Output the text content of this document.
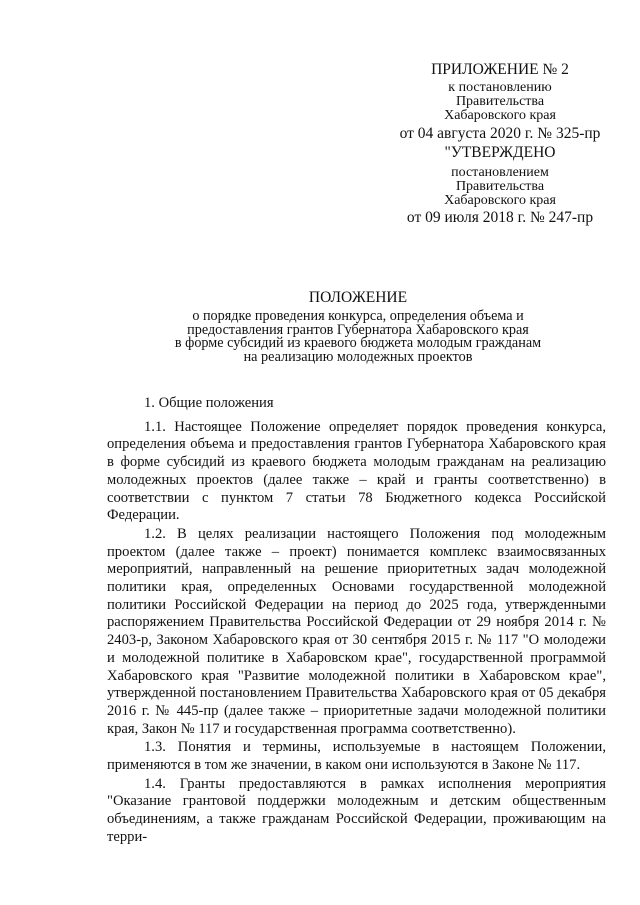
ПРИЛОЖЕНИЕ № 2
к постановлению
Правительства
Хабаровского края
от 04 августа 2020 г. № 325-пр
"УТВЕРЖДЕНО
постановлением
Правительства
Хабаровского края
от 09 июля 2018 г. № 247-пр
ПОЛОЖЕНИЕ
о порядке проведения конкурса, определения объема и
предоставления грантов Губернатора Хабаровского края
в форме субсидий из краевого бюджета молодым гражданам
на реализацию молодежных проектов
1. Общие положения

1.1. Настоящее Положение определяет порядок проведения конкурса, определения объема и предоставления грантов Губернатора Хабаровского края в форме субсидий из краевого бюджета молодым гражданам на реализацию молодежных проектов (далее также – край и гранты соответственно) в соответствии с пунктом 7 статьи 78 Бюджетного кодекса Российской Федерации.

1.2. В целях реализации настоящего Положения под молодежным проектом (далее также – проект) понимается комплекс взаимосвязанных мероприятий, направленный на решение приоритетных задач молодежной политики края, определенных Основами государственной молодежной политики Российской Федерации на период до 2025 года, утвержденными распоряжением Правительства Российской Федерации от 29 ноября 2014 г. № 2403-р, Законом Хабаровского края от 30 сентября 2015 г. № 117 "О молодежи и молодежной политике в Хабаровском крае", государственной программой Хабаровского края "Развитие молодежной политики в Хабаровском крае", утвержденной постановлением Правительства Хабаровского края от 05 декабря 2016 г. № 445-пр (далее также – приоритетные задачи молодежной политики края, Закон № 117 и государственная программа соответственно).

1.3. Понятия и термины, используемые в настоящем Положении, применяются в том же значении, в каком они используются в Законе № 117.

1.4. Гранты предоставляются в рамках исполнения мероприятия "Оказание грантовой поддержки молодежным и детским общественным объединениям, а также гражданам Российской Федерации, проживающим на терри-
